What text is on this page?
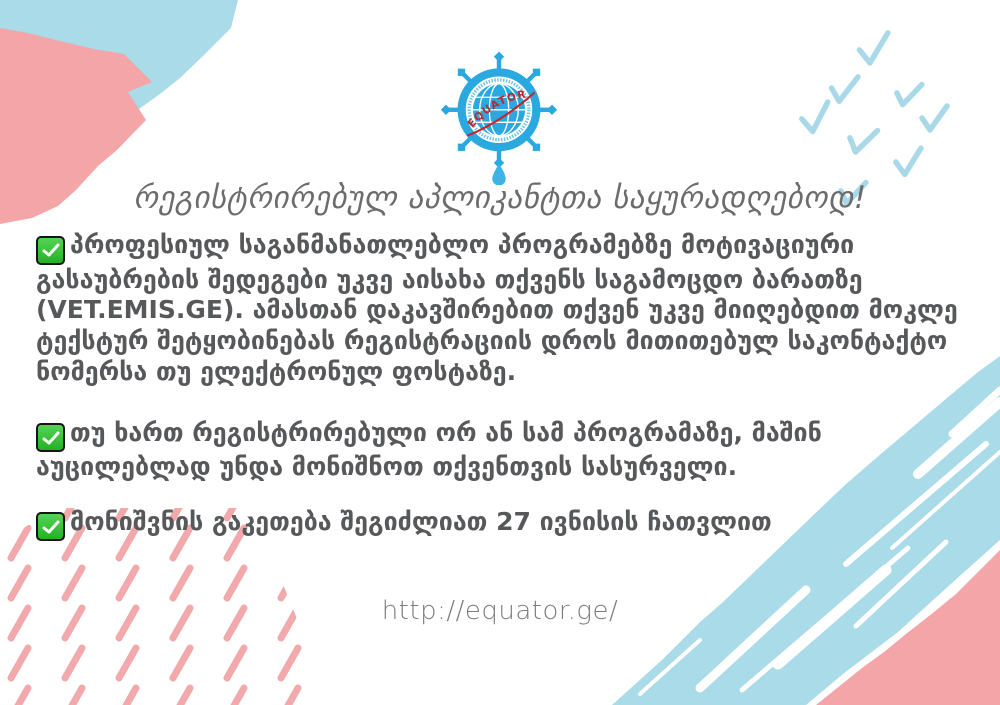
EQUATOR
რეგისტრირებულ აპლიკანტთა საყურადღებოდ!

პროფესიულ საგანმანათლებლო პროგრამებზე მოტივაციური გასაუბრების შედეგები უკვე აისახა თქვენს საგამოცდო ბარათზე (VET.EMIS.GE). ამასთან დაკავშირებით თქვენ უკვე მიიღებდით მოკლე ტექსტურ შეტყობინებას რეგისტრაციის დროს მითითებულ საკონტაქტო ნომერსა თუ ელექტრონულ ფოსტაზე.

თუ ხართ რეგისტრირებული ორ ან სამ პროგრამაზე, მაშინ აუცილებლად უნდა მონიშნოთ თქვენთვის სასურველი.

მონიშვნის გაკეთება შეგიძლიათ 27 ივნისის ჩათვლით

http://equator.ge/
